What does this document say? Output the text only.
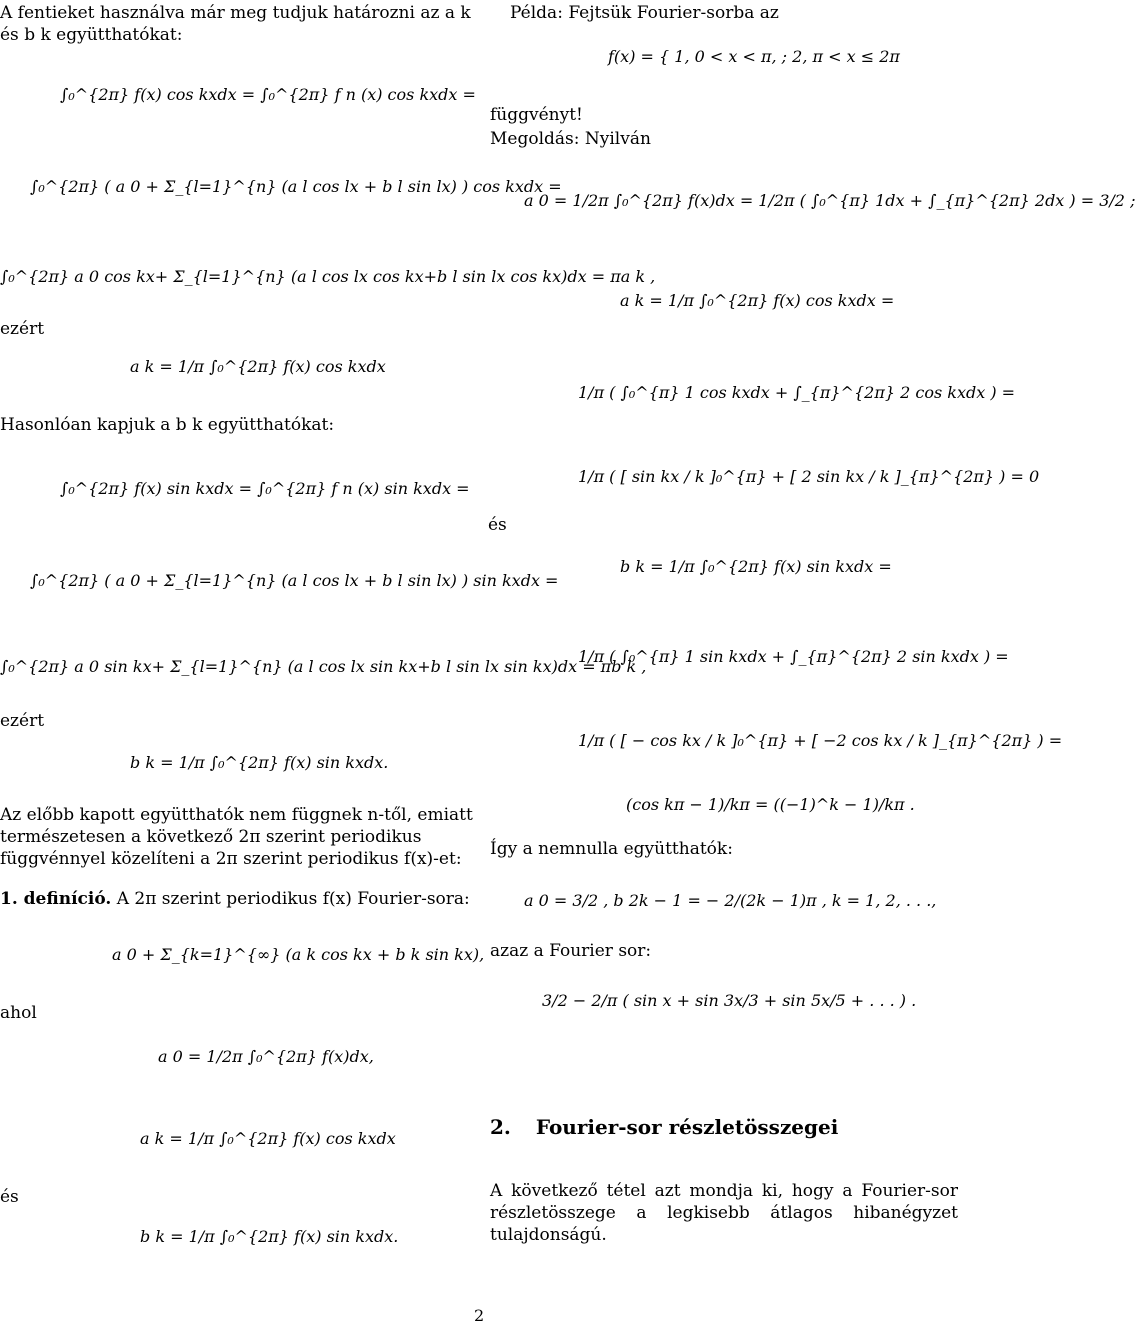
A fentieket használva már meg tudjuk határozni az a k és b k együtthatókat:
∫₀^{2π} f(x) cos kxdx = ∫₀^{2π} f n (x) cos kxdx =
∫₀^{2π} ( a 0 + Σ_{l=1}^{n} (a l cos lx + b l sin lx) ) cos kxdx =
∫₀^{2π} a 0 cos kx+ Σ_{l=1}^{n} (a l cos lx cos kx+b l sin lx cos kx)dx = πa k ,
ezért
a k = 1/π ∫₀^{2π} f(x) cos kxdx
Hasonlóan kapjuk a b k együtthatókat:
∫₀^{2π} f(x) sin kxdx = ∫₀^{2π} f n (x) sin kxdx =
∫₀^{2π} ( a 0 + Σ_{l=1}^{n} (a l cos lx + b l sin lx) ) sin kxdx =
∫₀^{2π} a 0 sin kx+ Σ_{l=1}^{n} (a l cos lx sin kx+b l sin lx sin kx)dx = πb k ,
ezért
b k = 1/π ∫₀^{2π} f(x) sin kxdx.
Az előbb kapott együtthatók nem függnek n-től, emiatt természetesen a következő 2π szerint periodikus függvénnyel közelíteni a 2π szerint periodikus f(x)-et:
1. definíció. A 2π szerint periodikus f(x) Fourier-sora:
a 0 + Σ_{k=1}^{∞} (a k cos kx + b k sin kx),
ahol
a 0 = 1/2π ∫₀^{2π} f(x)dx,
a k = 1/π ∫₀^{2π} f(x) cos kxdx
és
b k = 1/π ∫₀^{2π} f(x) sin kxdx.
Példa: Fejtsük Fourier-sorba az
f(x) = { 1, 0 < x < π, ; 2, π < x ≤ 2π
függvényt!
Megoldás: Nyilván
a 0 = 1/2π ∫₀^{2π} f(x)dx = 1/2π ( ∫₀^{π} 1dx + ∫_{π}^{2π} 2dx ) = 3/2 ;
a k = 1/π ∫₀^{2π} f(x) cos kxdx =
1/π ( ∫₀^{π} 1 cos kxdx + ∫_{π}^{2π} 2 cos kxdx ) =
1/π ( [ sin kx / k ]₀^{π} + [ 2 sin kx / k ]_{π}^{2π} ) = 0
és
b k = 1/π ∫₀^{2π} f(x) sin kxdx =
1/π ( ∫₀^{π} 1 sin kxdx + ∫_{π}^{2π} 2 sin kxdx ) =
1/π ( [ − cos kx / k ]₀^{π} + [ −2 cos kx / k ]_{π}^{2π} ) =
(cos kπ − 1)/kπ = ((−1)^k − 1)/kπ .
Így a nemnulla együtthatók:
a 0 = 3/2 , b 2k − 1 = − 2/(2k − 1)π , k = 1, 2, . . .,
azaz a Fourier sor:
3/2 − 2/π ( sin x + sin 3x/3 + sin 5x/5 + . . . ) .
2. Fourier-sor részletösszegei
A következő tétel azt mondja ki, hogy a Fourier-sor részletösszege a legkisebb átlagos hibanégyzet tulajdonságú.
2
